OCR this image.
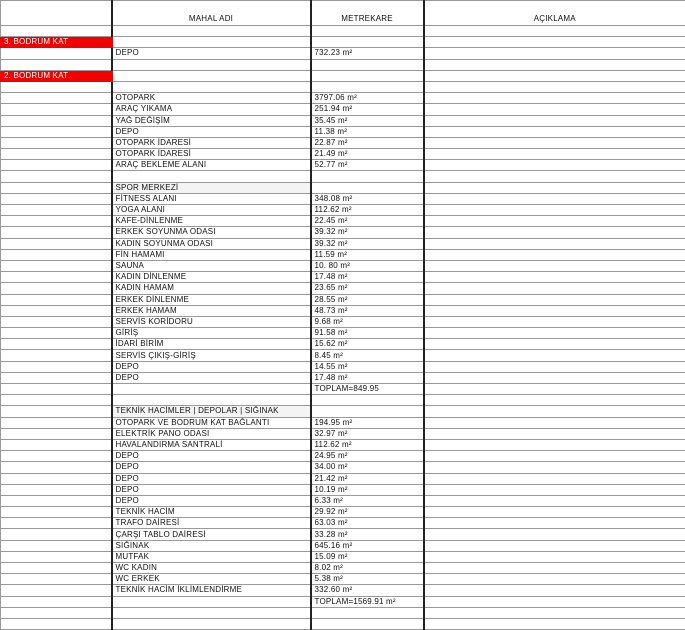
	MAHAL ADI	METREKARE	AÇIKLAMA

3. BODRUM KAT			
	DEPO	732.23 m²	

2. BODRUM KAT			

	OTOPARK	3797.06 m²	
	ARAÇ YIKAMA	251.94 m²	
	YAĞ DEĞİŞİM	35.45 m²	
	DEPO	11.38 m²	
	OTOPARK İDARESİ	22.87 m²	
	OTOPARK İDARESİ	21.49 m²	
	ARAÇ BEKLEME ALANI	52.77 m²	

	SPOR MERKEZİ		
	FİTNESS ALANI	348.08 m²	
	YOGA ALANI	112.62 m²	
	KAFE-DİNLENME	22.45 m²	
	ERKEK SOYUNMA ODASI	39.32 m²	
	KADIN SOYUNMA ODASI	39.32 m²	
	FİN HAMAMI	11.59 m²	
	SAUNA	10. 80 m²	
	KADIN DİNLENME	17.48 m²	
	KADIN HAMAM	23.65 m²	
	ERKEK DİNLENME	28.55 m²	
	ERKEK HAMAM	48.73 m²	
	SERVİS KORİDORU	9.68 m²	
	GİRİŞ	91.58 m²	
	İDARİ BİRİM	15.62 m²	
	SERVİS ÇIKIŞ-GİRİŞ	8.45 m²	
	DEPO	14.55 m²	
	DEPO	17.48 m²	
		TOPLAM=849.95	

	TEKNİK HACİMLER | DEPOLAR | SIĞINAK		
	OTOPARK VE BODRUM KAT BAĞLANTI	194.95 m²	
	ELEKTRİK PANO ODASI	32.97 m²	
	HAVALANDIRMA SANTRALİ	112.62 m²	
	DEPO	24.95 m²	
	DEPO	34.00 m²	
	DEPO	21.42 m²	
	DEPO	10.19 m²	
	DEPO	6.33 m²	
	TEKNİK HACİM	29.92 m²	
	TRAFO DAİRESİ	63.03 m²	
	ÇARŞI TABLO DAİRESİ	33.28 m²	
	SIĞINAK	645.16 m²	
	MUTFAK	15.09 m²	
	WC KADIN	8.02 m²	
	WC ERKEK	5.38 m²	
	TEKNİK HACİM İKLİMLENDİRME	332.60 m²	
		TOPLAM=1569.91 m²	
